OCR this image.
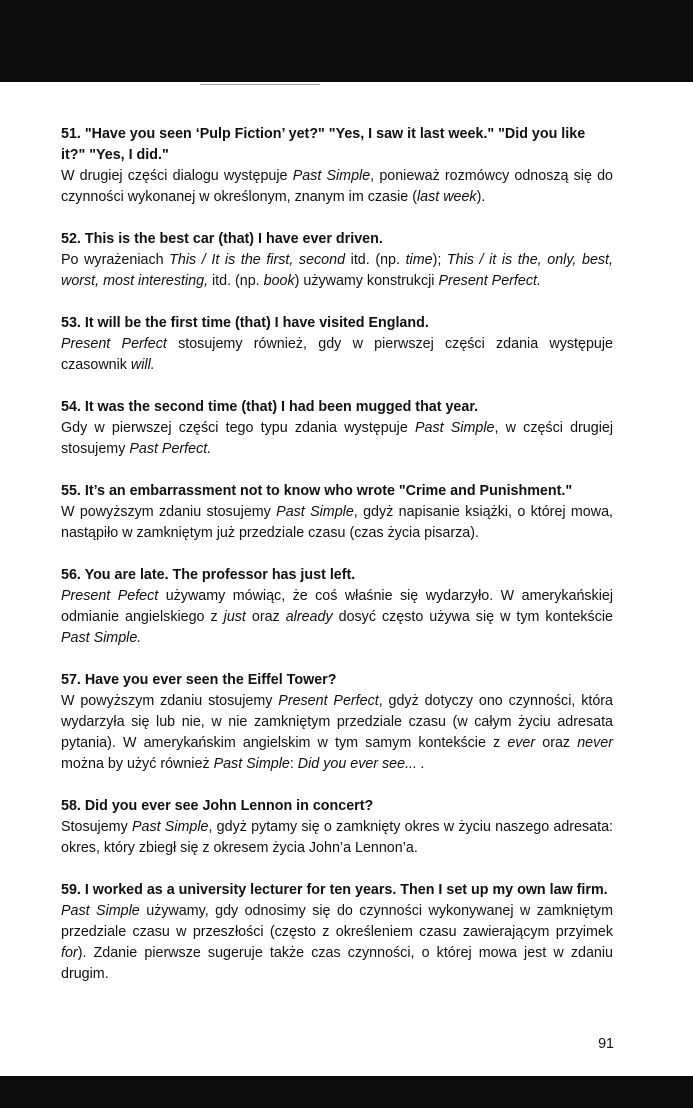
51. "Have you seen ‘Pulp Fiction’ yet?" "Yes, I saw it last week." "Did you like it?" "Yes, I did."

W drugiej części dialogu występuje Past Simple, ponieważ rozmówcy odnoszą się do czynności wykonanej w określonym, znanym im czasie (last week).

52. This is the best car (that) I have ever driven.

Po wyrażeniach This / It is the first, second itd. (np. time); This / it is the, only, best, worst, most interesting, itd. (np. book) używamy konstrukcji Present Perfect.

53. It will be the first time (that) I have visited England.

Present Perfect stosujemy również, gdy w pierwszej części zdania występuje czasownik will.

54. It was the second time (that) I had been mugged that year.

Gdy w pierwszej części tego typu zdania występuje Past Simple, w części drugiej stosujemy Past Perfect.

55. It’s an embarrassment not to know who wrote "Crime and Punishment."

W powyższym zdaniu stosujemy Past Simple, gdyż napisanie książki, o której mowa, nastąpiło w zamkniętym już przedziale czasu (czas życia pisarza).

56. You are late. The professor has just left.

Present Pefect używamy mówiąc, że coś właśnie się wydarzyło. W amerykańskiej odmianie angielskiego z just oraz already dosyć często używa się w tym kontekście Past Simple.

57. Have you ever seen the Eiffel Tower?

W powyższym zdaniu stosujemy Present Perfect, gdyż dotyczy ono czynności, która wydarzyła się lub nie, w nie zamkniętym przedziale czasu (w całym życiu adresata pytania). W amerykańskim angielskim w tym samym kontekście z ever oraz never można by użyć również Past Simple: Did you ever see... .

58. Did you ever see John Lennon in concert?

Stosujemy Past Simple, gdyż pytamy się o zamknięty okres w życiu naszego adresata: okres, który zbiegł się z okresem życia John’a Lennon’a.

59. I worked as a university lecturer for ten years. Then I set up my own law firm.

Past Simple używamy, gdy odnosimy się do czynności wykonywanej w zamkniętym przedziale czasu w przeszłości (często z określeniem czasu zawierającym przyimek for). Zdanie pierwsze sugeruje także czas czynności, o której mowa jest w zdaniu drugim.

91
